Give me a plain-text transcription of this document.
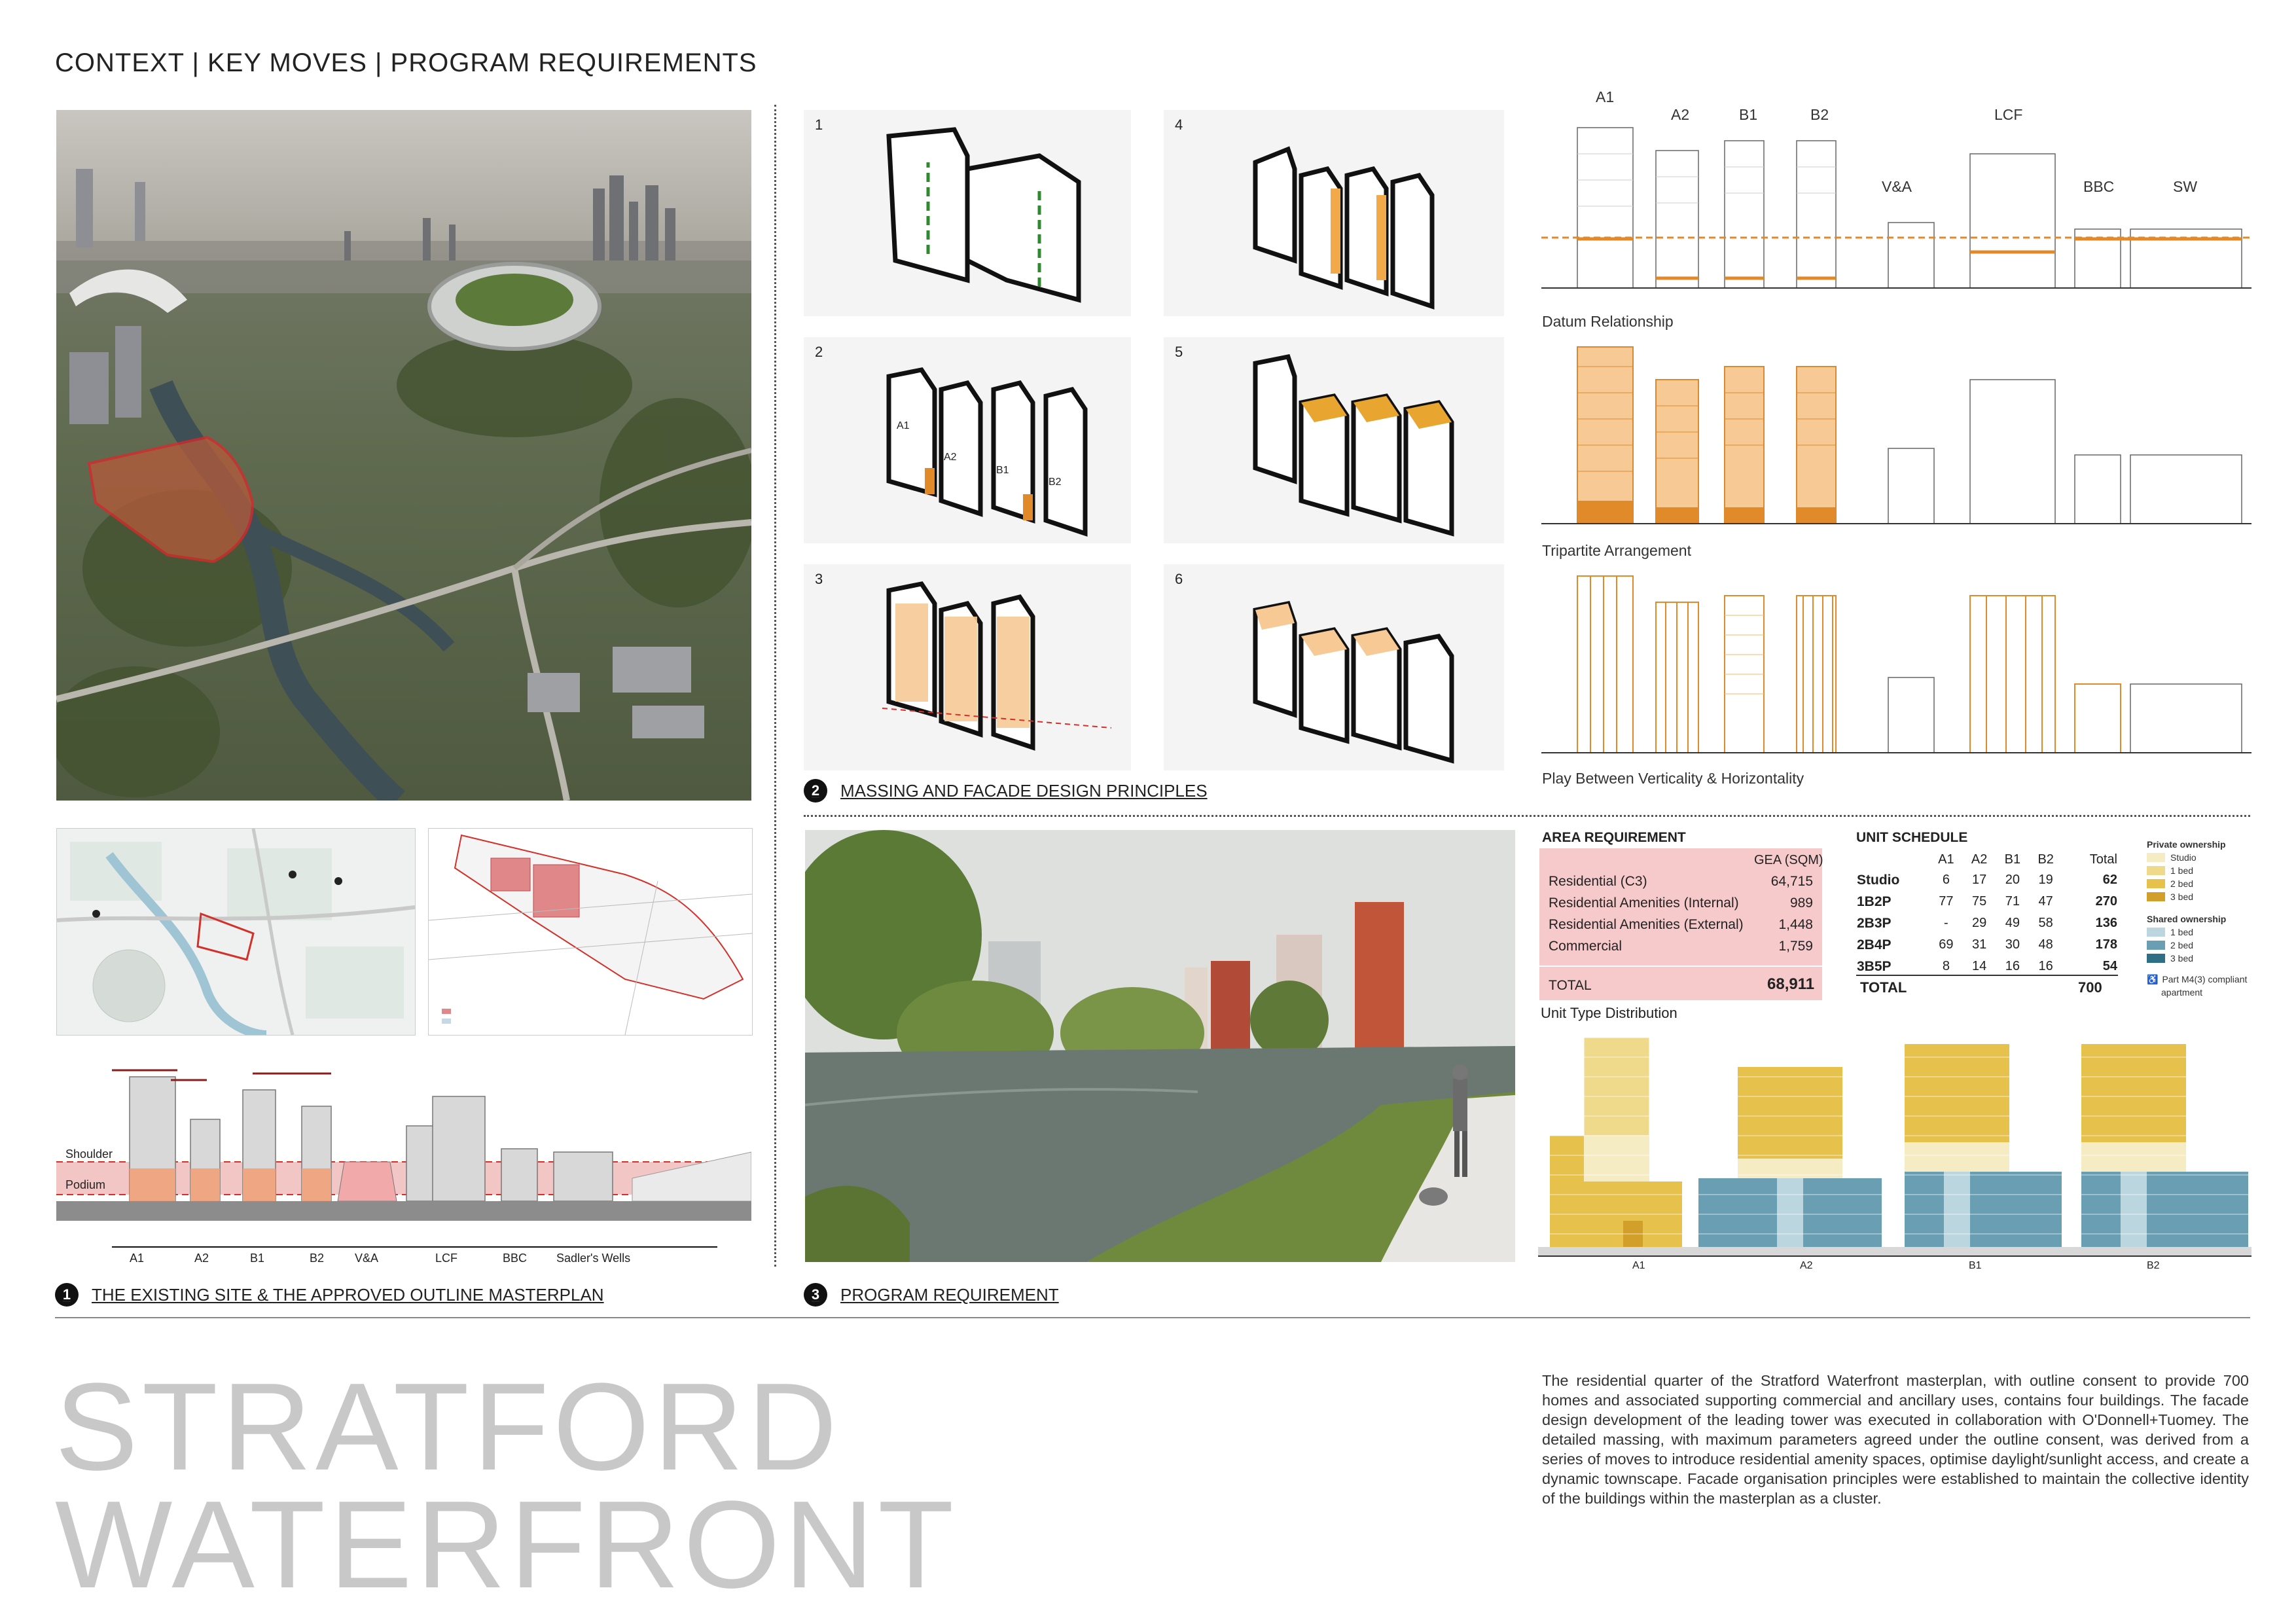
CONTEXT | KEY MOVES | PROGRAM REQUIREMENTS
Shoulder
Podium
A1	A2	B1	B2	V&A	LCF	BBC Sadler's Wells
1	THE EXISTING SITE & THE APPROVED OUTLINE MASTERPLAN
1
2
3
4
5
6
A1
A2
B1
B2
2	MASSING AND FACADE DESIGN PRINCIPLES
A1
A2	B1	B2
V&A
LCF
BBC	SW
Datum Relationship
Tripartite Arrangement
Play Between Verticality & Horizontality
AREA REQUIREMENT
GEA (SQM)
Residential (C3)	64,715
Residential Amenities (Internal)	989
Residential Amenities (External)	1,448
Commercial	1,759
TOTAL	68,911
UNIT SCHEDULE
	A1	A2	B1	B2	Total
Studio	6	17	20	19	62
1B2P	77	75	71	47	270
2B3P	-	29	49	58	136
2B4P	69	31	30	48	178
3B5P	8	14	16	16	54
TOTAL	700
Private ownership
Studio
1 bed
2 bed
3 bed
Shared ownership
1 bed
2 bed
3 bed
♿ Part M4(3) compliant
apartment
Unit Type Distribution
A1	A2	B1	B2
3	PROGRAM REQUIREMENT
STRATFORD
WATERFRONT
The residential quarter of the Stratford Waterfront masterplan, with outline consent to provide 700 homes and associated supporting commercial and ancillary uses, contains four buildings. The facade design development of the leading tower was executed in collaboration with O'Donnell+Tuomey. The detailed massing, with maximum parameters agreed under the outline consent, was derived from a series of moves to introduce residential amenity spaces, optimise daylight/sunlight access, and create a dynamic townscape. Facade organisation principles were established to maintain the collective identity of the buildings within the masterplan as a cluster.
